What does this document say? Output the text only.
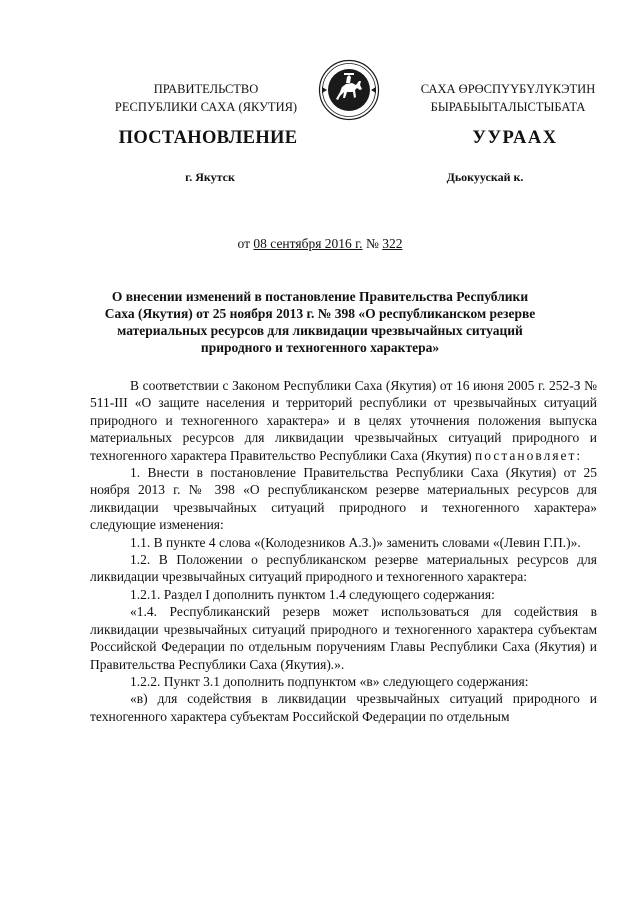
ПРАВИТЕЛЬСТВО
РЕСПУБЛИКИ САХА (ЯКУТИЯ)
САХА ӨРӨСПҮҮБҮЛҮКЭТИН
БЫРАБЫЫТАЛЫСТЫБАТА
ПОСТАНОВЛЕНИЕ	УУРААХ
г. Якутск	Дьокуускай к.
от 08 сентября 2016 г. № 322
О внесении изменений в постановление Правительства Республики
Саха (Якутия) от 25 ноября 2013 г. № 398 «О республиканском резерве
материальных ресурсов для ликвидации чрезвычайных ситуаций
природного и техногенного характера»

В соответствии с Законом Республики Саха (Якутия) от 16 июня 2005 г. 252-З № 511-III «О защите населения и территорий республики от чрезвычайных ситуаций природного и техногенного характера» и в целях уточнения положения выпуска материальных ресурсов для ликвидации чрезвычайных ситуаций природного и техногенного характера Правительство Республики Саха (Якутия) постановляет:

1. Внести в постановление Правительства Республики Саха (Якутия) от 25 ноября 2013 г. № 398 «О республиканском резерве материальных ресурсов для ликвидации чрезвычайных ситуаций природного и техногенного характера» следующие изменения:

1.1. В пункте 4 слова «(Колодезников А.З.)» заменить словами «(Левин Г.П.)».

1.2. В Положении о республиканском резерве материальных ресурсов для ликвидации чрезвычайных ситуаций природного и техногенного характера:

1.2.1. Раздел I дополнить пунктом 1.4 следующего содержания:

«1.4. Республиканский резерв может использоваться для содействия в ликвидации чрезвычайных ситуаций природного и техногенного характера субъектам Российской Федерации по отдельным поручениям Главы Республики Саха (Якутия) и Правительства Республики Саха (Якутия).».

1.2.2. Пункт 3.1 дополнить подпунктом «в» следующего содержания:

«в) для содействия в ликвидации чрезвычайных ситуаций природного и техногенного характера субъектам Российской Федерации по отдельным
